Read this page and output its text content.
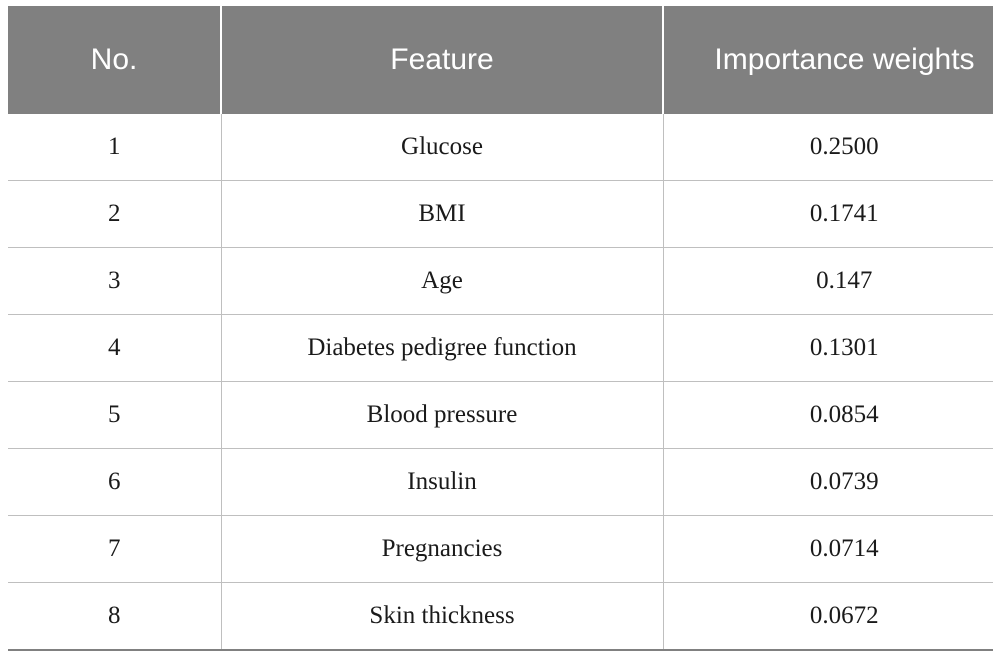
No.	Feature	Importance weights
1	Glucose	0.2500
2	BMI	0.1741
3	Age	0.147
4	Diabetes pedigree function	0.1301
5	Blood pressure	0.0854
6	Insulin	0.0739
7	Pregnancies	0.0714
8	Skin thickness	0.0672
